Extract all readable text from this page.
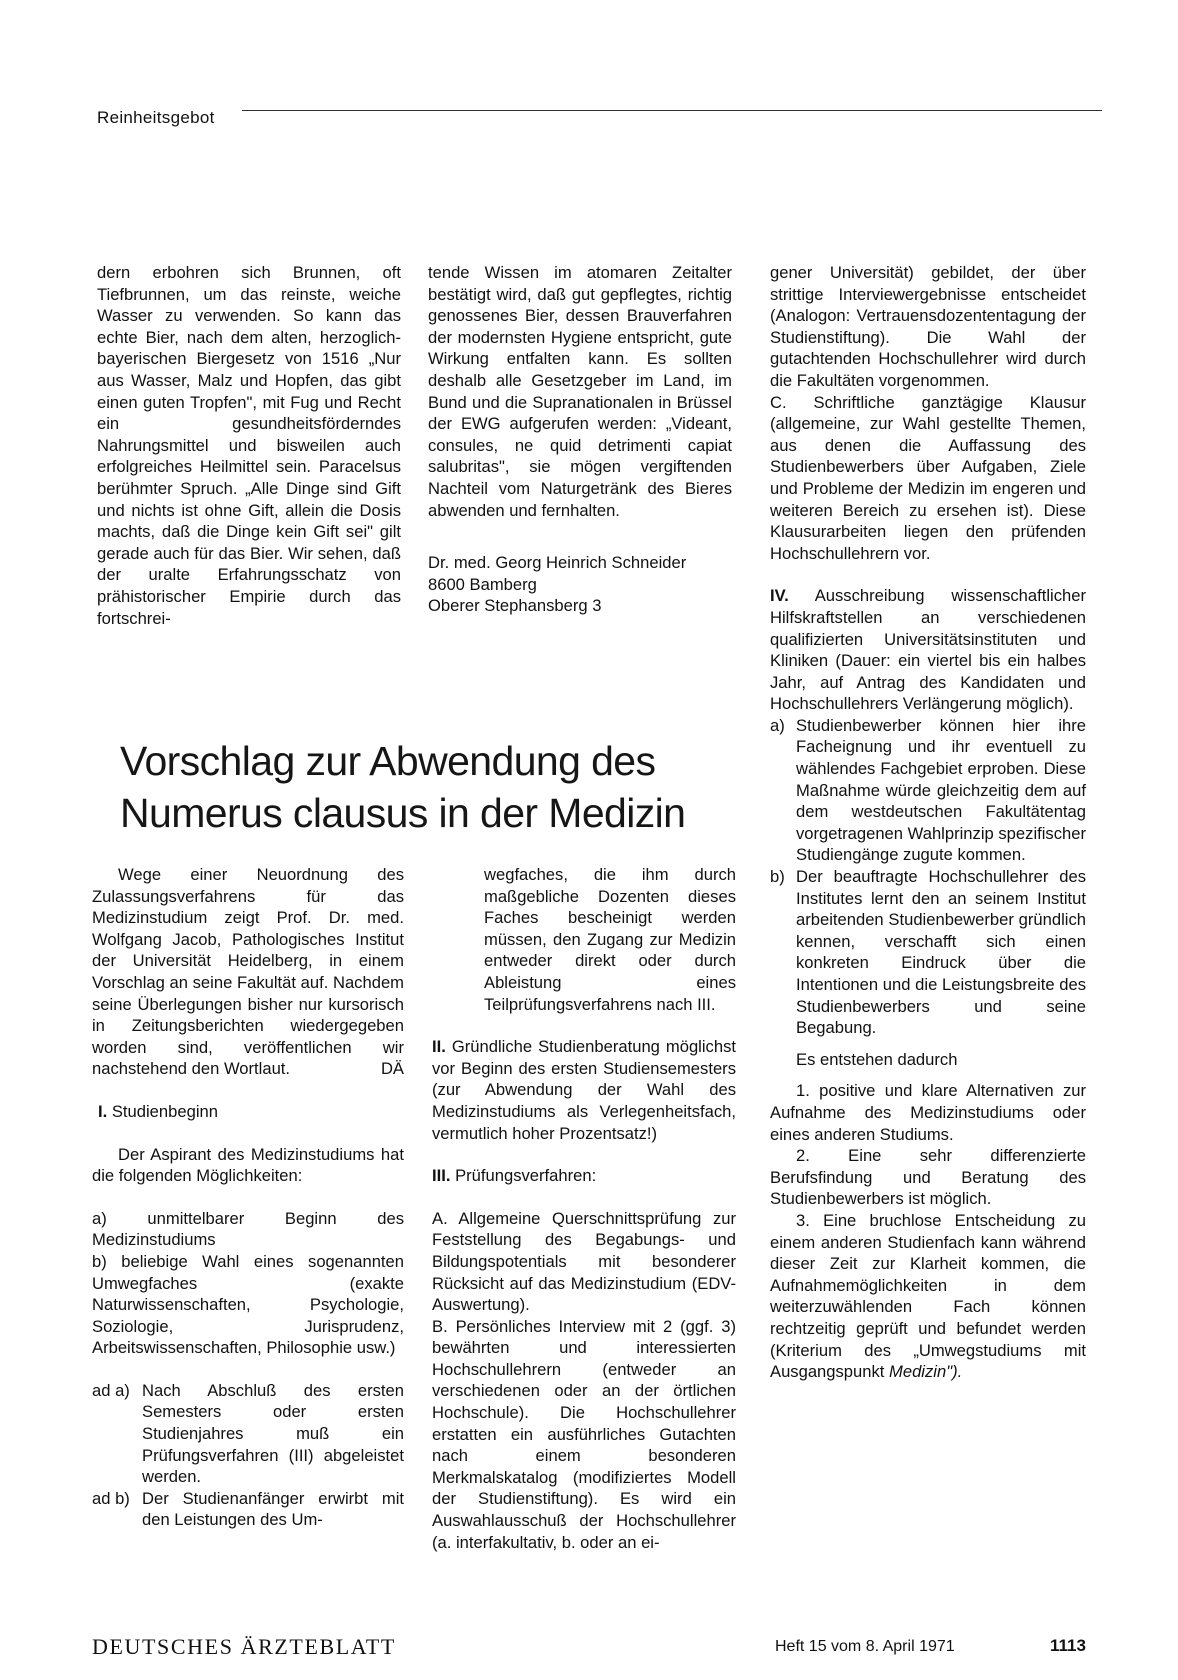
Reinheitsgebot

dern erbohren sich Brunnen, oft Tiefbrunnen, um das reinste, weiche Wasser zu verwenden. So kann das echte Bier, nach dem alten, herzoglich-bayerischen Biergesetz von 1516 „Nur aus Wasser, Malz und Hopfen, das gibt einen guten Tropfen", mit Fug und Recht ein gesundheitsförderndes Nahrungsmittel und bisweilen auch erfolgreiches Heilmittel sein. Paracelsus berühmter Spruch. „Alle Dinge sind Gift und nichts ist ohne Gift, allein die Dosis machts, daß die Dinge kein Gift sei" gilt gerade auch für das Bier. Wir sehen, daß der uralte Erfahrungsschatz von prähistorischer Empirie durch das fortschrei-

tende Wissen im atomaren Zeitalter bestätigt wird, daß gut gepflegtes, richtig genossenes Bier, dessen Brauverfahren der modernsten Hygiene entspricht, gute Wirkung entfalten kann. Es sollten deshalb alle Gesetzgeber im Land, im Bund und die Supranationalen in Brüssel der EWG aufgerufen werden: „Videant, consules, ne quid detrimenti capiat salubritas", sie mögen vergiftenden Nachteil vom Naturgetränk des Bieres abwenden und fernhalten.

Dr. med. Georg Heinrich Schneider
8600 Bamberg
Oberer Stephansberg 3
Vorschlag zur Abwendung des
Numerus clausus in der Medizin

gener Universität) gebildet, der über strittige Interviewergebnisse entscheidet (Analogon: Vertrauensdozententagung der Studienstiftung). Die Wahl der gutachtenden Hochschullehrer wird durch die Fakultäten vorgenommen.

C. Schriftliche ganztägige Klausur (allgemeine, zur Wahl gestellte Themen, aus denen die Auffassung des Studienbewerbers über Aufgaben, Ziele und Probleme der Medizin im engeren und weiteren Bereich zu ersehen ist). Diese Klausurarbeiten liegen den prüfenden Hochschullehrern vor.

IV. Ausschreibung wissenschaftlicher Hilfskraftstellen an verschiedenen qualifizierten Universitätsinstituten und Kliniken (Dauer: ein viertel bis ein halbes Jahr, auf Antrag des Kandidaten und Hochschullehrers Verlängerung möglich).

a) Studienbewerber können hier ihre Facheignung und ihr eventuell zu wählendes Fachgebiet erproben. Diese Maßnahme würde gleichzeitig dem auf dem westdeutschen Fakultätentag vorgetragenen Wahlprinzip spezifischer Studiengänge zugute kommen.
b) Der beauftragte Hochschullehrer des Institutes lernt den an seinem Institut arbeitenden Studienbewerber gründlich kennen, verschafft sich einen konkreten Eindruck über die Intentionen und die Leistungsbreite des Studienbewerbers und seine Begabung.

Es entstehen dadurch

1. positive und klare Alternativen zur Aufnahme des Medizinstudiums oder eines anderen Studiums.

2. Eine sehr differenzierte Berufsfindung und Beratung des Studienbewerbers ist möglich.

3. Eine bruchlose Entscheidung zu einem anderen Studienfach kann während dieser Zeit zur Klarheit kommen, die Aufnahmemöglichkeiten in dem weiterzuwählenden Fach können rechtzeitig geprüft und befundet werden (Kriterium des „Umwegstudiums mit Ausgangspunkt Medizin").

Wege einer Neuordnung des Zulassungsverfahrens für das Medizinstudium zeigt Prof. Dr. med. Wolfgang Jacob, Pathologisches Institut der Universität Heidelberg, in einem Vorschlag an seine Fakultät auf. Nachdem seine Überlegungen bisher nur kursorisch in Zeitungsberichten wiedergegeben worden sind, veröffentlichen wir nachstehend den Wortlaut.	DÄ

I. Studienbeginn

Der Aspirant des Medizinstudiums hat die folgenden Möglichkeiten:

a) unmittelbarer Beginn des Medizinstudiums

b) beliebige Wahl eines sogenannten Umwegfaches (exakte Naturwissenschaften, Psychologie, Soziologie, Jurisprudenz, Arbeitswissenschaften, Philosophie usw.)

ad a) Nach Abschluß des ersten Semesters oder ersten Studienjahres muß ein Prüfungsverfahren (III) abgeleistet werden.
ad b) Der Studienanfänger erwirbt mit den Leistungen des Um-

wegfaches, die ihm durch maßgebliche Dozenten dieses Faches bescheinigt werden müssen, den Zugang zur Medizin entweder direkt oder durch Ableistung eines Teilprüfungsverfahrens nach III.

II. Gründliche Studienberatung möglichst vor Beginn des ersten Studiensemesters (zur Abwendung der Wahl des Medizinstudiums als Verlegenheitsfach, vermutlich hoher Prozentsatz!)

III. Prüfungsverfahren:

A. Allgemeine Querschnittsprüfung zur Feststellung des Begabungs- und Bildungspotentials mit besonderer Rücksicht auf das Medizinstudium (EDV-Auswertung).

B. Persönliches Interview mit 2 (ggf. 3) bewährten und interessierten Hochschullehrern (entweder an verschiedenen oder an der örtlichen Hochschule). Die Hochschullehrer erstatten ein ausführliches Gutachten nach einem besonderen Merkmalskatalog (modifiziertes Modell der Studienstiftung). Es wird ein Auswahlausschuß der Hochschullehrer (a. interfakultativ, b. oder an ei-

DEUTSCHES ÄRZTEBLATT	Heft 15 vom 8. April 1971	1113
